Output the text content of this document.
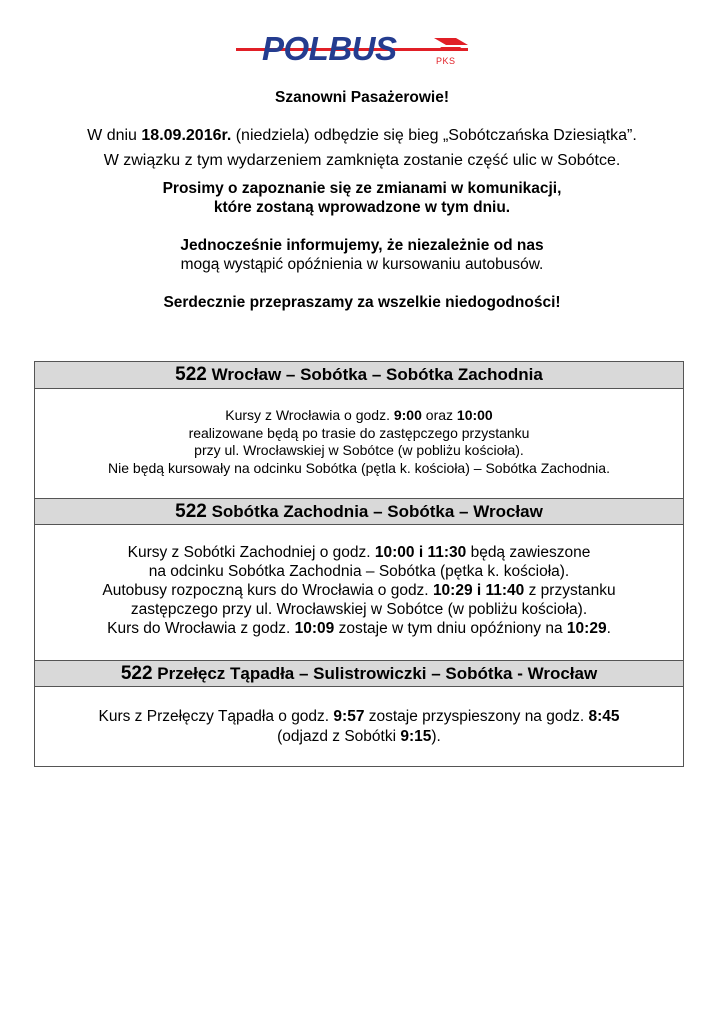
POLBUS	PKS
Szanowni Pasażerowie!
W dniu 18.09.2016r. (niedziela) odbędzie się bieg „Sobótczańska Dziesiątka”.
W związku z tym wydarzeniem zamknięta zostanie część ulic w Sobótce.
Prosimy o zapoznanie się ze zmianami w komunikacji,
które zostaną wprowadzone w tym dniu.
Jednocześnie informujemy, że niezależnie od nas
mogą wystąpić opóźnienia w kursowaniu autobusów.
Serdecznie przepraszamy za wszelkie niedogodności!
522 Wrocław – Sobótka – Sobótka Zachodnia

Kursy z Wrocławia o godz. 9:00 oraz 10:00

realizowane będą po trasie do zastępczego przystanku

przy ul. Wrocławskiej w Sobótce (w pobliżu kościoła).

Nie będą kursowały na odcinku Sobótka (pętla k. kościoła) – Sobótka Zachodnia.

522 Sobótka Zachodnia – Sobótka – Wrocław

Kursy z Sobótki Zachodniej o godz. 10:00 i 11:30 będą zawieszone

na odcinku Sobótka Zachodnia – Sobótka (pętka k. kościoła).

Autobusy rozpoczną kurs do Wrocławia o godz. 10:29 i 11:40 z przystanku

zastępczego przy ul. Wrocławskiej w Sobótce (w pobliżu kościoła).

Kurs do Wrocławia z godz. 10:09 zostaje w tym dniu opóźniony na 10:29.

522 Przełęcz Tąpadła – Sulistrowiczki – Sobótka - Wrocław

Kurs z Przełęczy Tąpadła o godz. 9:57 zostaje przyspieszony na godz. 8:45

(odjazd z Sobótki 9:15).
